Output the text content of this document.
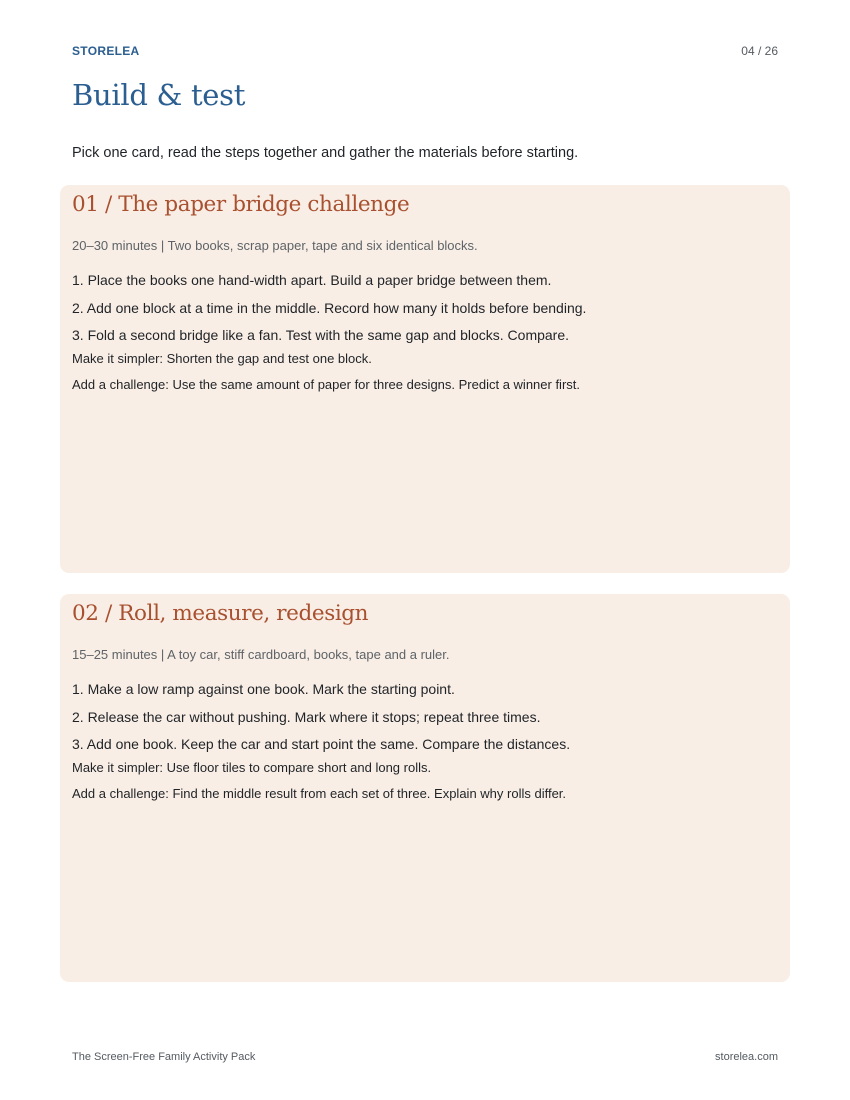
STORELEA	04 / 26
Build & test
Pick one card, read the steps together and gather the materials before starting.
01 / The paper bridge challenge
20–30 minutes | Two books, scrap paper, tape and six identical blocks.
1. Place the books one hand-width apart. Build a paper bridge between them.
2. Add one block at a time in the middle. Record how many it holds before bending.
3. Fold a second bridge like a fan. Test with the same gap and blocks. Compare.
Make it simpler: Shorten the gap and test one block.
Add a challenge: Use the same amount of paper for three designs. Predict a winner first.
02 / Roll, measure, redesign
15–25 minutes | A toy car, stiff cardboard, books, tape and a ruler.
1. Make a low ramp against one book. Mark the starting point.
2. Release the car without pushing. Mark where it stops; repeat three times.
3. Add one book. Keep the car and start point the same. Compare the distances.
Make it simpler: Use floor tiles to compare short and long rolls.
Add a challenge: Find the middle result from each set of three. Explain why rolls differ.
The Screen-Free Family Activity Pack	storelea.com
